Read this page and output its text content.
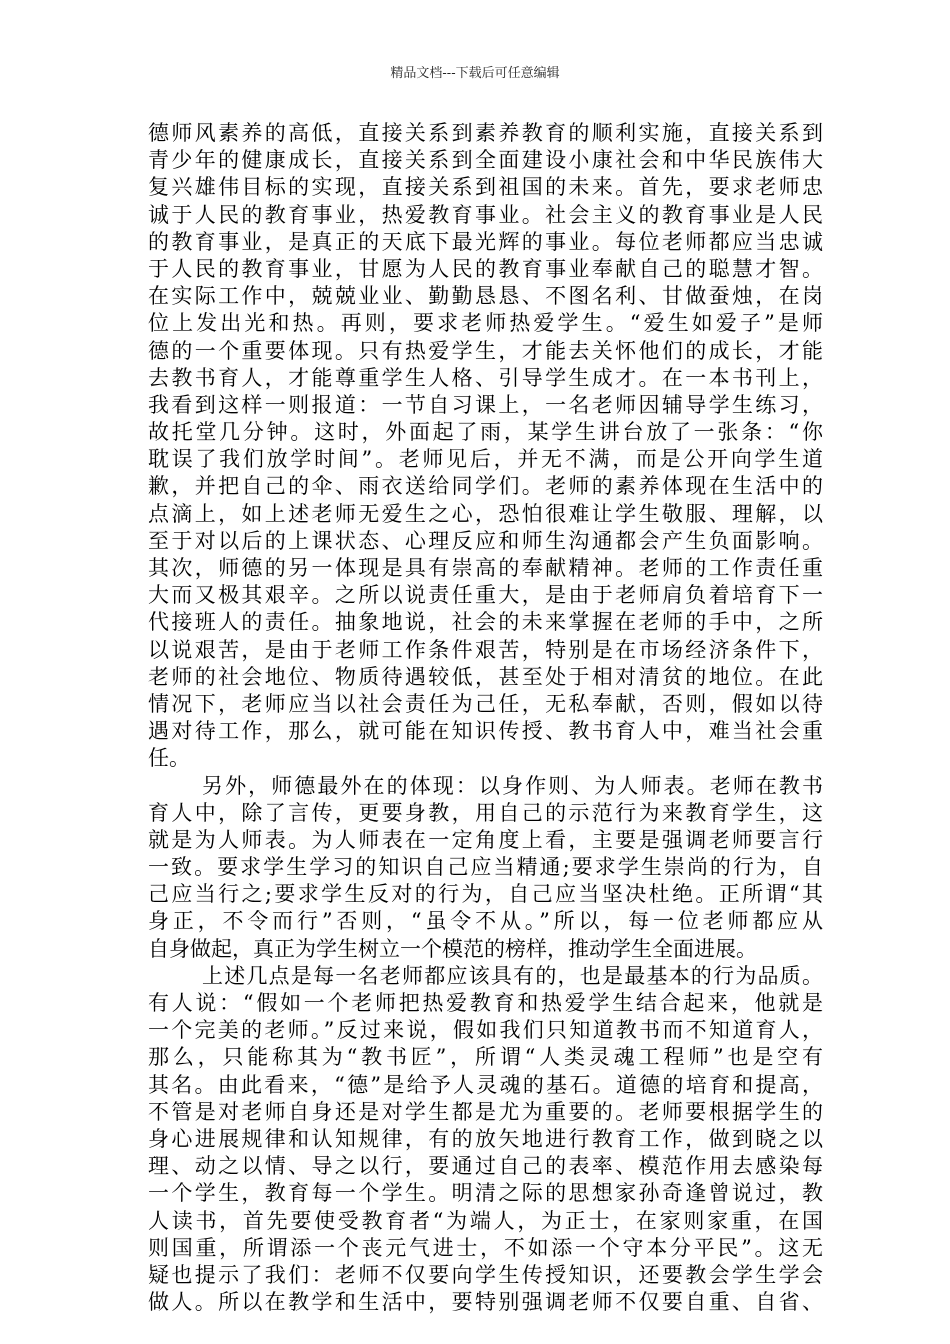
精品文档---下载后可任意编辑
德师风素养的高低，直接关系到素养教育的顺利实施，直接关系到
青少年的健康成长，直接关系到全面建设小康社会和中华民族伟大
复兴雄伟目标的实现，直接关系到祖国的未来。首先，要求老师忠
诚于人民的教育事业，热爱教育事业。社会主义的教育事业是人民
的教育事业，是真正的天底下最光辉的事业。每位老师都应当忠诚
于人民的教育事业，甘愿为人民的教育事业奉献自己的聪慧才智。
在实际工作中，兢兢业业、勤勤恳恳、不图名利、甘做蚕烛，在岗
位上发出光和热。再则，要求老师热爱学生。“爱生如爱子”是师
德的一个重要体现。只有热爱学生，才能去关怀他们的成长，才能
去教书育人，才能尊重学生人格、引导学生成才。在一本书刊上，
我看到这样一则报道：一节自习课上，一名老师因辅导学生练习，
故托堂几分钟。这时，外面起了雨，某学生讲台放了一张条：“你
耽误了我们放学时间”。老师见后，并无不满，而是公开向学生道
歉，并把自己的伞、雨衣送给同学们。老师的素养体现在生活中的
点滴上，如上述老师无爱生之心，恐怕很难让学生敬服、理解，以
至于对以后的上课状态、心理反应和师生沟通都会产生负面影响。
其次，师德的另一体现是具有崇高的奉献精神。老师的工作责任重
大而又极其艰辛。之所以说责任重大，是由于老师肩负着培育下一
代接班人的责任。抽象地说，社会的未来掌握在老师的手中，之所
以说艰苦，是由于老师工作条件艰苦，特别是在市场经济条件下，
老师的社会地位、物质待遇较低，甚至处于相对清贫的地位。在此
情况下，老师应当以社会责任为己任，无私奉献，否则，假如以待
遇对待工作，那么，就可能在知识传授、教书育人中，难当社会重
任。
另外，师德最外在的体现：以身作则、为人师表。老师在教书
育人中，除了言传，更要身教，用自己的示范行为来教育学生，这
就是为人师表。为人师表在一定角度上看，主要是强调老师要言行
一致。要求学生学习的知识自己应当精通;要求学生崇尚的行为，自
己应当行之;要求学生反对的行为，自己应当坚决杜绝。正所谓“其
身正，不令而行”否则，“虽令不从。”所以，每一位老师都应从
自身做起，真正为学生树立一个模范的榜样，推动学生全面进展。
上述几点是每一名老师都应该具有的，也是最基本的行为品质。
有人说：“假如一个老师把热爱教育和热爱学生结合起来，他就是
一个完美的老师。”反过来说，假如我们只知道教书而不知道育人，
那么，只能称其为“教书匠”，所谓“人类灵魂工程师”也是空有
其名。由此看来，“德”是给予人灵魂的基石。道德的培育和提高，
不管是对老师自身还是对学生都是尤为重要的。老师要根据学生的
身心进展规律和认知规律，有的放矢地进行教育工作，做到晓之以
理、动之以情、导之以行，要通过自己的表率、模范作用去感染每
一个学生，教育每一个学生。明清之际的思想家孙奇逢曾说过，教
人读书，首先要使受教育者“为端人，为正士，在家则家重，在国
则国重，所谓添一个丧元气进士，不如添一个守本分平民”。这无
疑也提示了我们：老师不仅要向学生传授知识，还要教会学生学会
做人。所以在教学和生活中，要特别强调老师不仅要自重、自省、
